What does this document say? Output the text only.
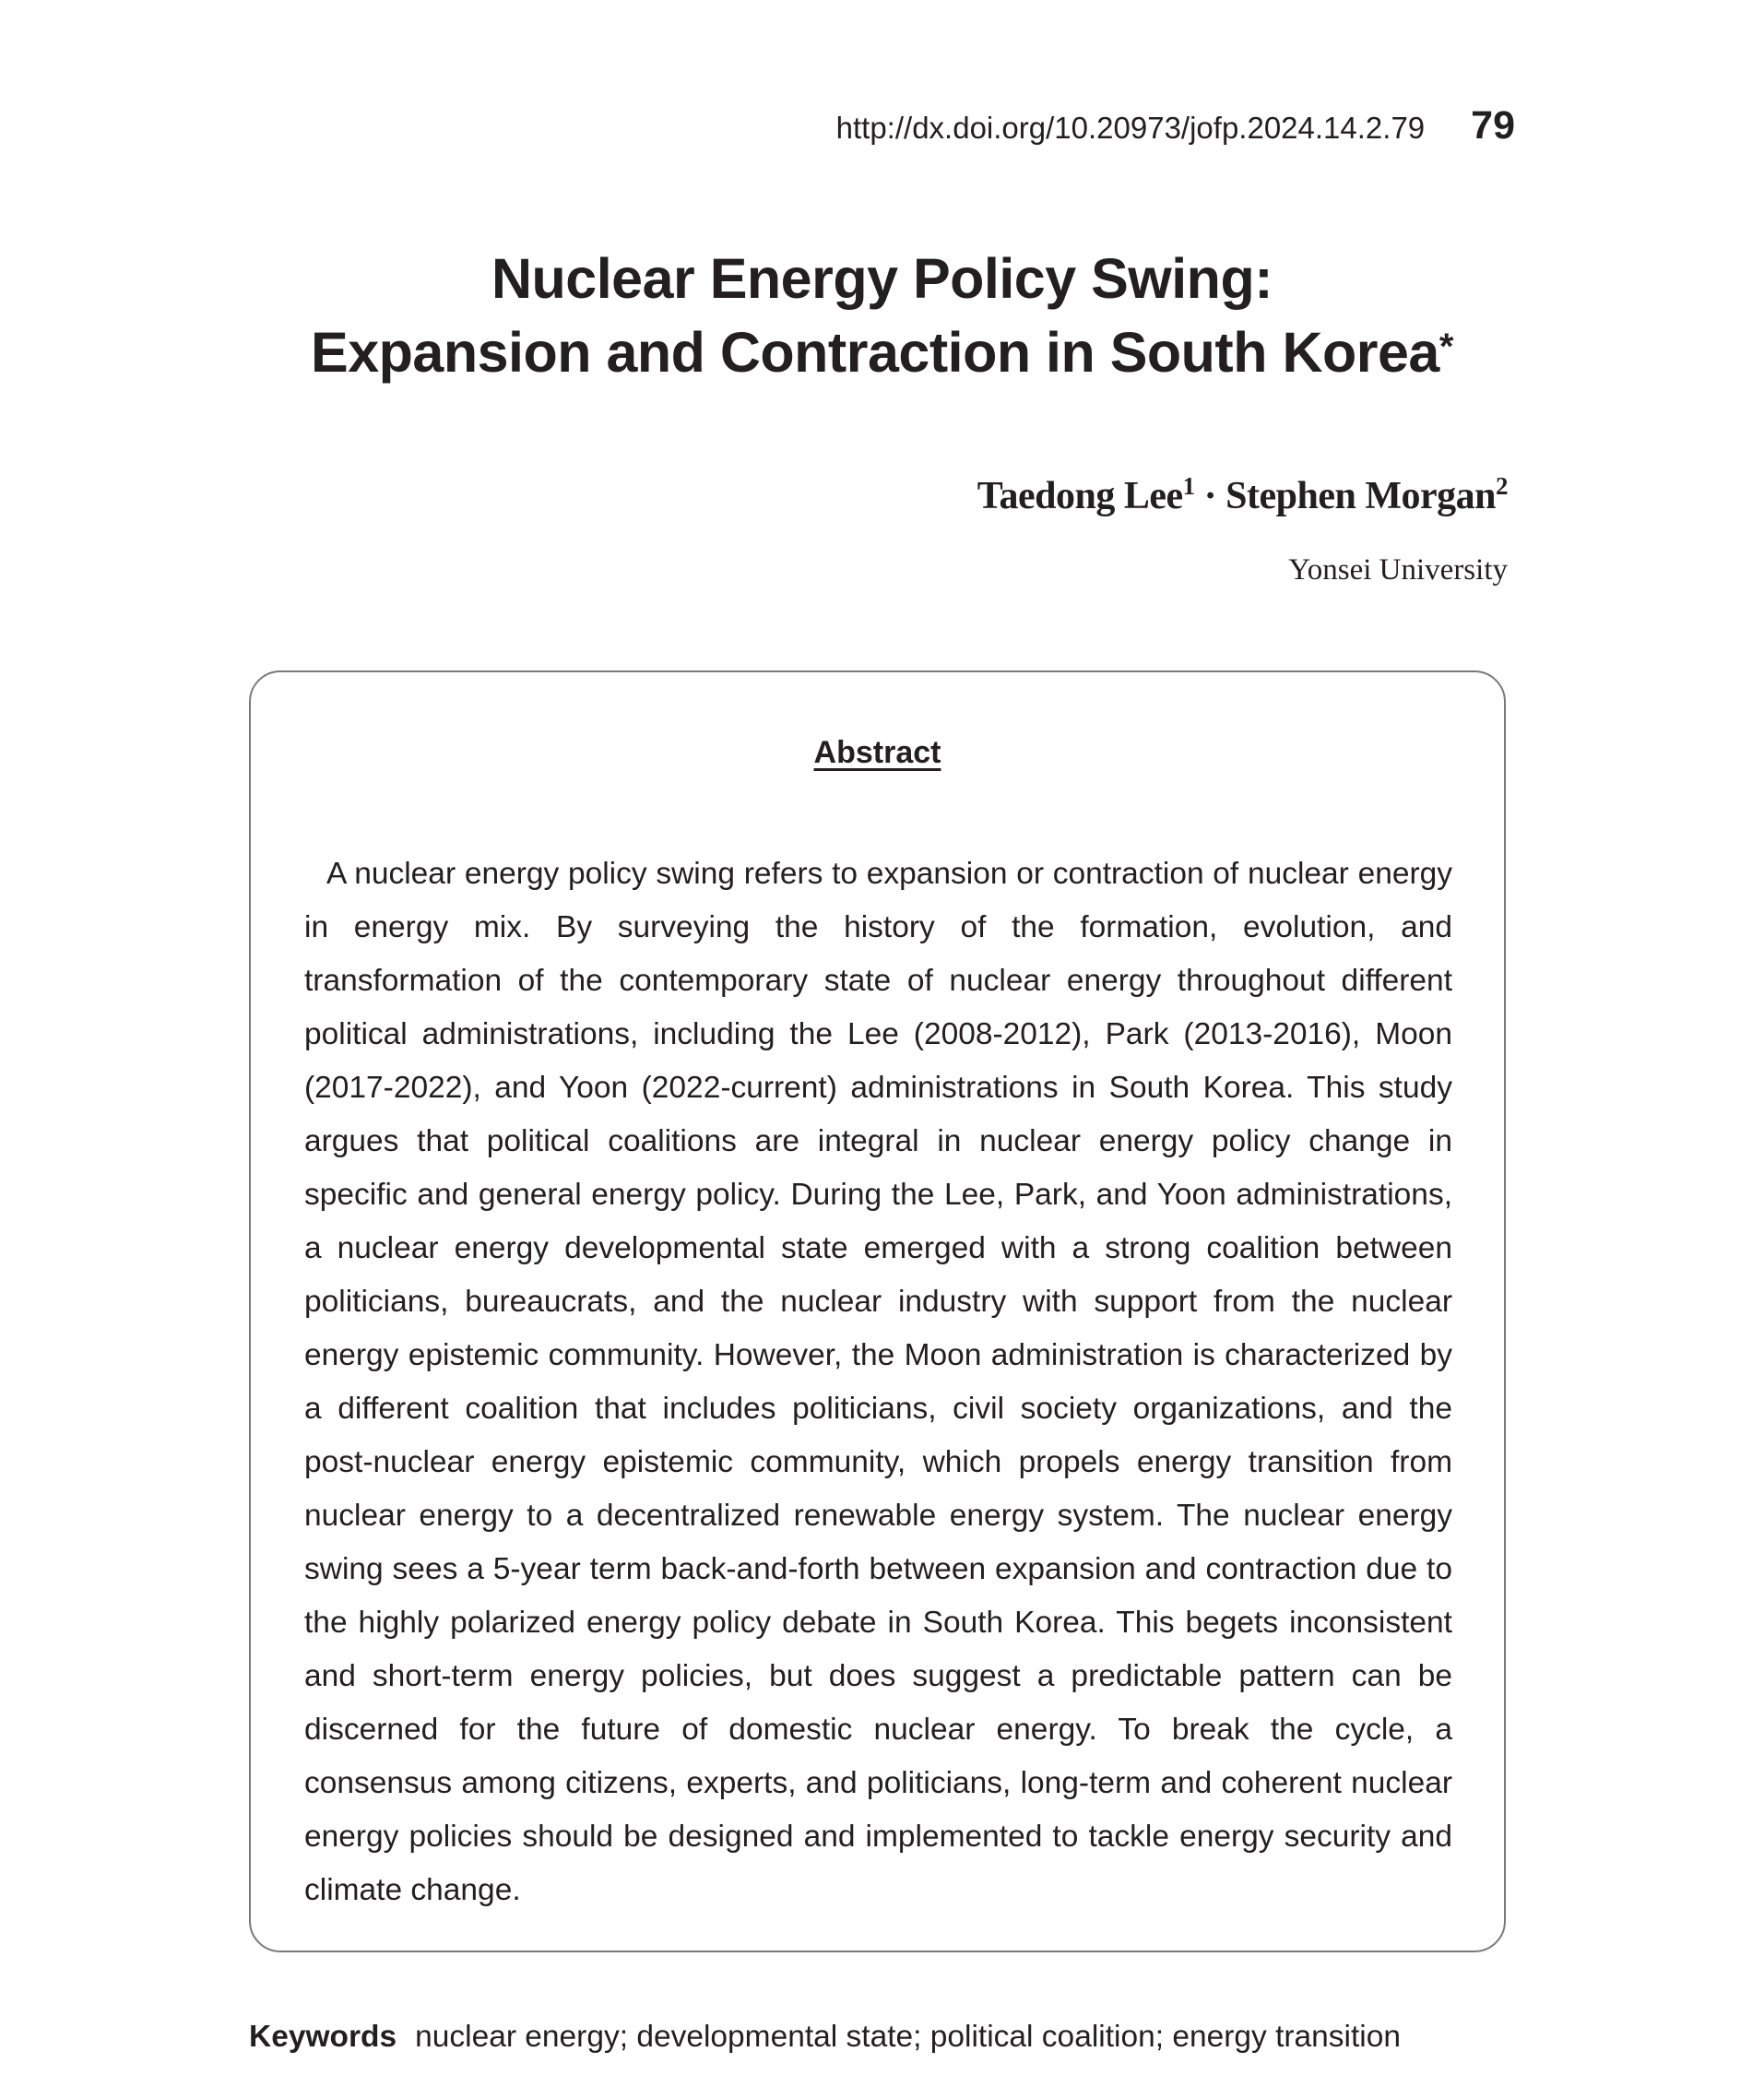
http://dx.doi.org/10.20973/jofp.2024.14.2.79 79
Nuclear Energy Policy Swing:
Expansion and Contraction in South Korea*
Taedong Lee$^1$ · Stephen Morgan$^2$
Yonsei University
Abstract

A nuclear energy policy swing refers to expansion or contraction of nuclear energy in energy mix. By surveying the history of the formation, evolution, and transformation of the contemporary state of nuclear energy throughout different political administrations, including the Lee (2008-2012), Park (2013-2016), Moon (2017-2022), and Yoon (2022-current) administrations in South Korea. This study argues that political coalitions are integral in nuclear energy policy change in specific and general energy policy. During the Lee, Park, and Yoon administrations, a nuclear energy developmental state emerged with a strong coalition between politicians, bureaucrats, and the nuclear industry with support from the nuclear energy epistemic community. However, the Moon administration is characterized by a different coalition that includes politicians, civil society organizations, and the post-nuclear energy epistemic community, which propels energy transition from nuclear energy to a decentralized renewable energy system. The nuclear energy swing sees a 5-year term back-and-forth between expansion and contraction due to the highly polarized energy policy debate in South Korea. This begets inconsistent and short-term energy policies, but does suggest a predictable pattern can be discerned for the future of domestic nuclear energy. To break the cycle, a consensus among citizens, experts, and politicians, long-term and coherent nuclear energy policies should be designed and implemented to tackle energy security and climate change.

Keywords nuclear energy; developmental state; political coalition; energy transition
